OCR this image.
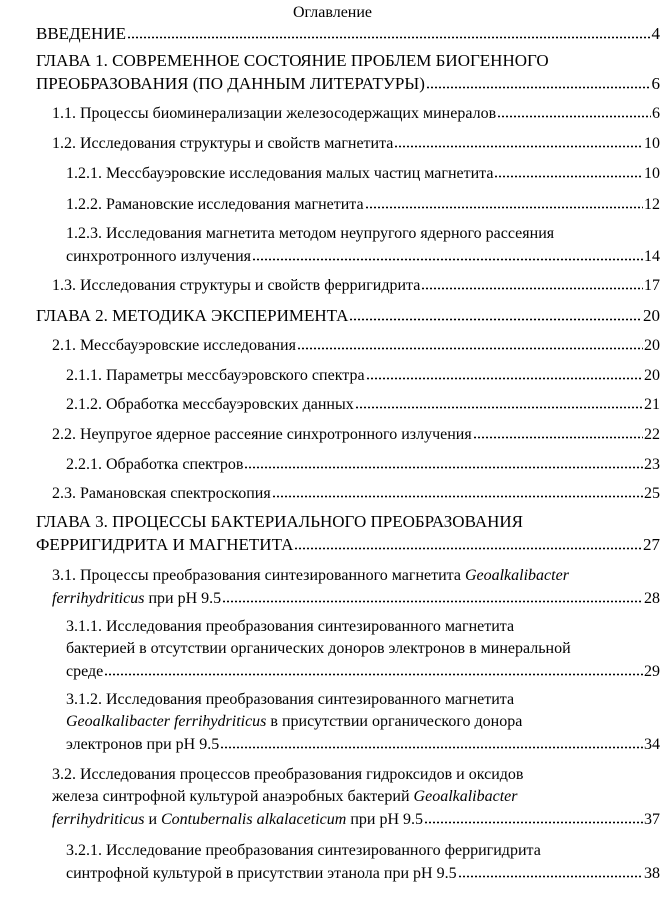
Оглавление
ВВЕДЕНИЕ	4
ГЛАВА 1. СОВРЕМЕННОЕ СОСТОЯНИЕ ПРОБЛЕМ БИОГЕННОГО
ПРЕОБРАЗОВАНИЯ (ПО ДАННЫМ ЛИТЕРАТУРЫ)	6
1.1. Процессы биоминерализации железосодержащих минералов	6
1.2. Исследования структуры и свойств магнетита	10
1.2.1. Мессбауэровские исследования малых частиц магнетита	10
1.2.2. Рамановские исследования магнетита	12
1.2.3. Исследования магнетита методом неупругого ядерного рассеяния
синхротронного излучения	14
1.3. Исследования структуры и свойств ферригидрита	17
ГЛАВА 2. МЕТОДИКА ЭКСПЕРИМЕНТА	20
2.1. Мессбауэровские исследования	20
2.1.1. Параметры мессбауэровского спектра	20
2.1.2. Обработка мессбауэровских данных	21
2.2. Неупругое ядерное рассеяние синхротронного излучения	22
2.2.1. Обработка спектров	23
2.3. Рамановская спектроскопия	25
ГЛАВА 3. ПРОЦЕССЫ БАКТЕРИАЛЬНОГО ПРЕОБРАЗОВАНИЯ
ФЕРРИГИДРИТА И МАГНЕТИТА	27
3.1. Процессы преобразования синтезированного магнетита Geoalkalibacter
ferrihydriticus при pH 9.5	28
3.1.1. Исследования преобразования синтезированного магнетита
бактерией в отсутствии органических доноров электронов в минеральной
среде	29
3.1.2. Исследования преобразования синтезированного магнетита
Geoalkalibacter ferrihydriticus в присутствии органического донора
электронов при pH 9.5	34
3.2. Исследования процессов преобразования гидроксидов и оксидов
железа синтрофной культурой анаэробных бактерий Geoalkalibacter
ferrihydriticus и Contubernalis alkalaceticum при pH 9.5	37
3.2.1. Исследование преобразования синтезированного ферригидрита
синтрофной культурой в присутствии этанола при pH 9.5	38
